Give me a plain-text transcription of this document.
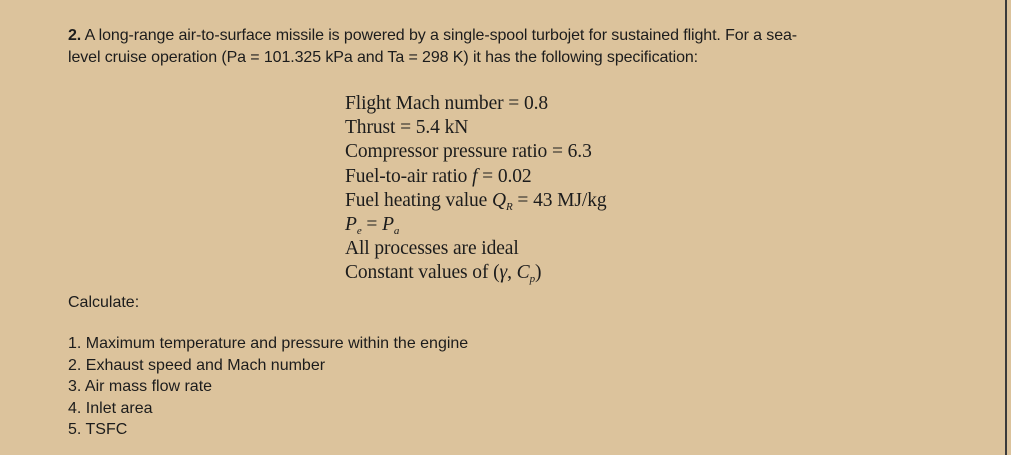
2. A long-range air-to-surface missile is powered by a single-spool turbojet for sustained flight. For a sea-
level cruise operation (Pa = 101.325 kPa and Ta = 298 K) it has the following specification:
Flight Mach number = 0.8
Thrust = 5.4 kN
Compressor pressure ratio = 6.3
Fuel-to-air ratio f = 0.02
Fuel heating value $Q_R = 43$ MJ/kg
$P_e = P_a$
All processes are ideal
Constant values of (γ, $C_p$)
Calculate:
1. Maximum temperature and pressure within the engine
2. Exhaust speed and Mach number
3. Air mass flow rate
4. Inlet area
5. TSFC
